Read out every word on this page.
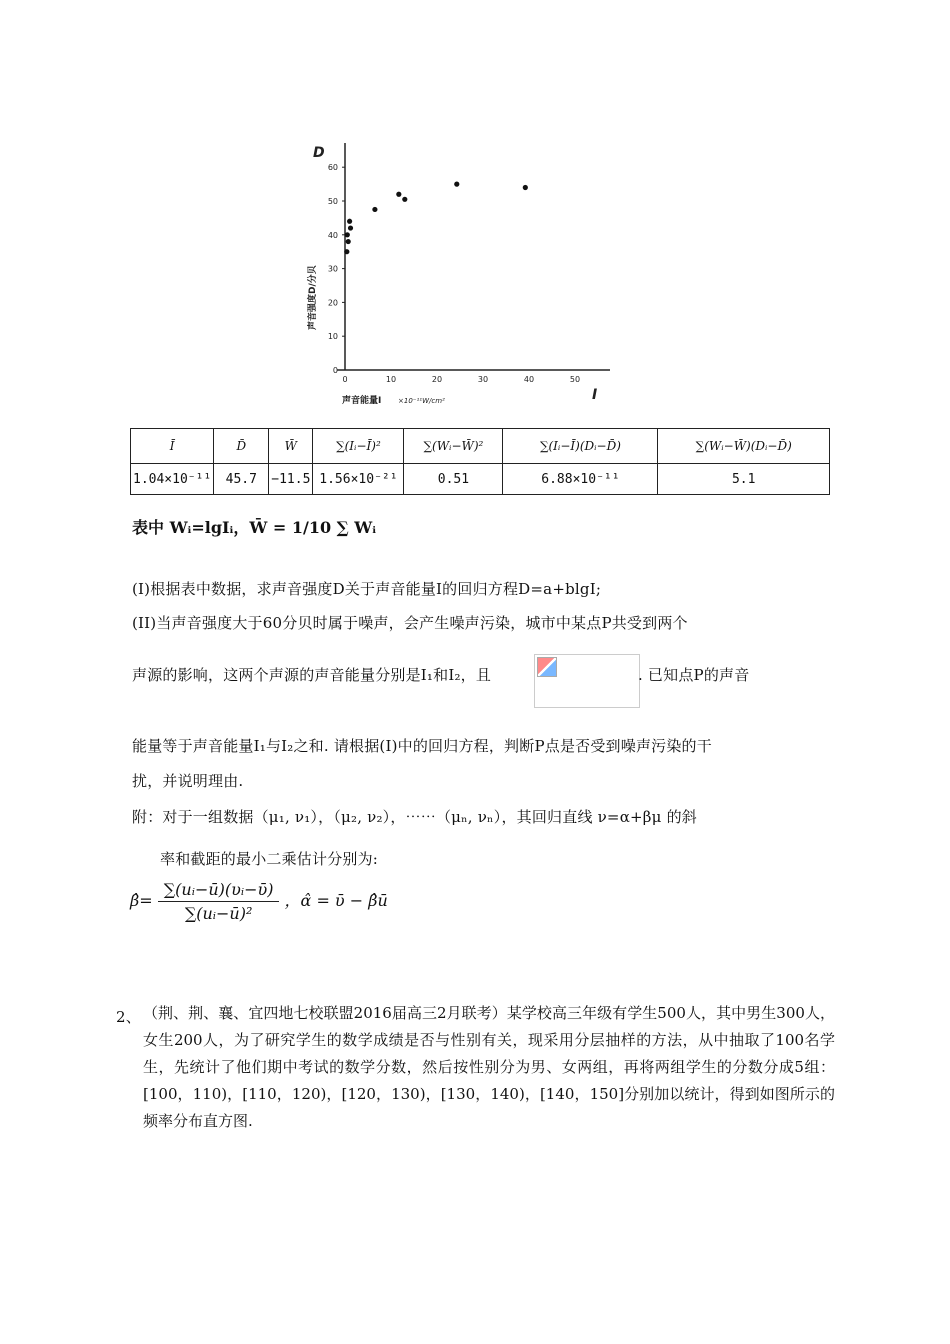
0
10
20
30
40
50
60
0	10	20	30	40	50
D
I
声音强度D/分贝
声音能量I ×10⁻¹¹W/cm²
Ī	D̄	W̄	∑(Iᵢ−Ī)²	∑(Wᵢ−W̄)²	∑(Iᵢ−Ī)(Dᵢ−D̄)	∑(Wᵢ−W̄)(Dᵢ−D̄)
1.04×10⁻¹¹	45.7	−11.5	1.56×10⁻²¹	0.51	6.88×10⁻¹¹	5.1
表中 Wᵢ=lgIᵢ，W̄ = 1/10 ∑ Wᵢ
(I)根据表中数据，求声音强度D关于声音能量I的回归方程D=a+blgI;
(II)当声音强度大于60分贝时属于噪声，会产生噪声污染，城市中某点P共受到两个
声源的影响，这两个声源的声音能量分别是I₁和I₂，且	. 已知点P的声音
能量等于声音能量I₁与I₂之和. 请根据(I)中的回归方程，判断P点是否受到噪声污染的干
扰，并说明理由.
附：对于一组数据（μ₁, ν₁），（μ₂, ν₂），⋯⋯（μₙ, νₙ），其回归直线 ν=α+βμ 的斜
率和截距的最小二乘估计分别为:
β̂= $\frac{\text{∑(uᵢ−ū)(υᵢ−ῡ)}}{\text{∑(uᵢ−ū)²}}$ ，α̂ = ῡ − β̂ū
2、 （荆、荆、襄、宜四地七校联盟2016届高三2月联考）某学校高三年级有学生500人，其中男生300人，女生200人，为了研究学生的数学成绩是否与性别有关，现采用分层抽样的方法，从中抽取了100名学生，先统计了他们期中考试的数学分数，然后按性别分为男、女两组，再将两组学生的分数分成5组：[100，110)，[110，120)，[120，130)，[130，140)，[140，150]分别加以统计，得到如图所示的频率分布直方图.
